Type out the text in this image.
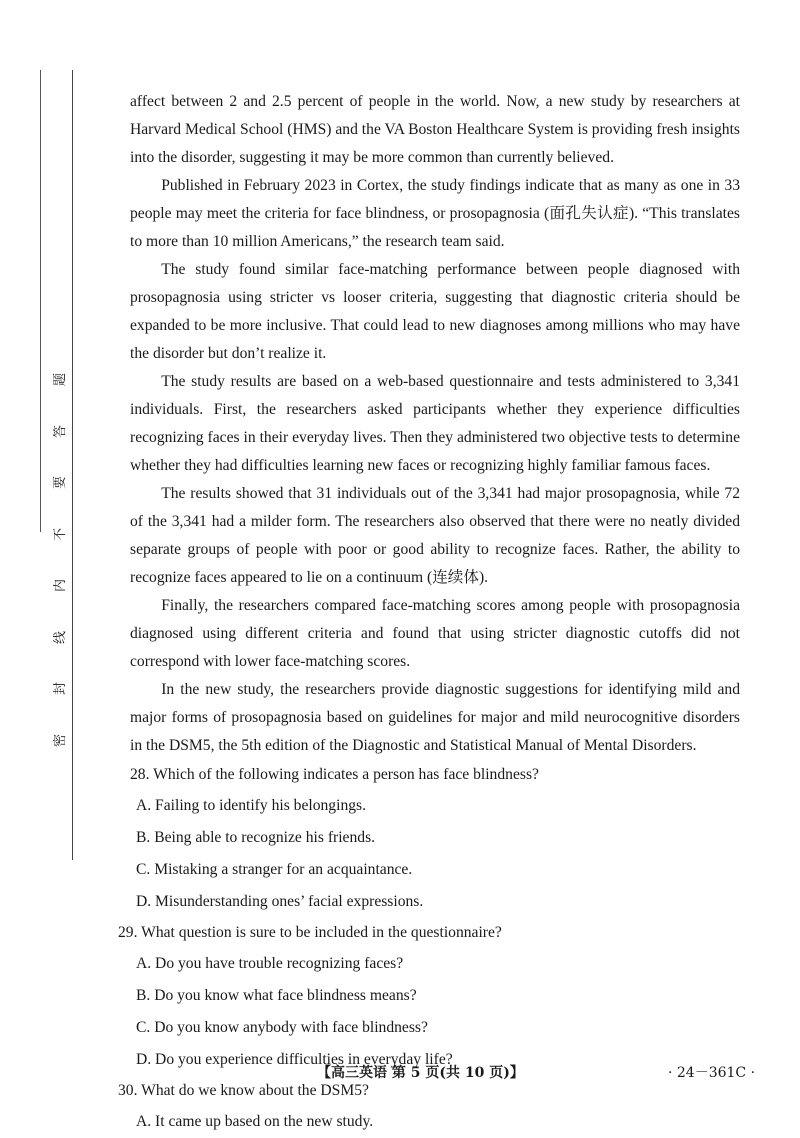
密
封
线
内
不
要
答
题

affect between 2 and 2.5 percent of people in the world. Now, a new study by researchers at Harvard Medical School (HMS) and the VA Boston Healthcare System is providing fresh insights into the disorder, suggesting it may be more common than currently believed.

Published in February 2023 in Cortex, the study findings indicate that as many as one in 33 people may meet the criteria for face blindness, or prosopagnosia (面孔失认症). “This translates to more than 10 million Americans,” the research team said.

The study found similar face-matching performance between people diagnosed with prosopagnosia using stricter vs looser criteria, suggesting that diagnostic criteria should be expanded to be more inclusive. That could lead to new diagnoses among millions who may have the disorder but don’t realize it.

The study results are based on a web-based questionnaire and tests administered to 3,341 individuals. First, the researchers asked participants whether they experience difficulties recognizing faces in their everyday lives. Then they administered two objective tests to determine whether they had difficulties learning new faces or recognizing highly familiar famous faces.

The results showed that 31 individuals out of the 3,341 had major prosopagnosia, while 72 of the 3,341 had a milder form. The researchers also observed that there were no neatly divided separate groups of people with poor or good ability to recognize faces. Rather, the ability to recognize faces appeared to lie on a continuum (连续体).

Finally, the researchers compared face-matching scores among people with prosopagnosia diagnosed using different criteria and found that using stricter diagnostic cutoffs did not correspond with lower face-matching scores.

In the new study, the researchers provide diagnostic suggestions for identifying mild and major forms of prosopagnosia based on guidelines for major and mild neurocognitive disorders in the DSM5, the 5th edition of the Diagnostic and Statistical Manual of Mental Disorders.

28. Which of the following indicates a person has face blindness?

A. Failing to identify his belongings.

B. Being able to recognize his friends.

C. Mistaking a stranger for an acquaintance.

D. Misunderstanding ones’ facial expressions.

29. What question is sure to be included in the questionnaire?

A. Do you have trouble recognizing faces?

B. Do you know what face blindness means?

C. Do you know anybody with face blindness?

D. Do you experience difficulties in everyday life?

30. What do we know about the DSM5?

A. It came up based on the new study.

【高三英语 第 5 页(共 10 页)】	· 24－361C ·
